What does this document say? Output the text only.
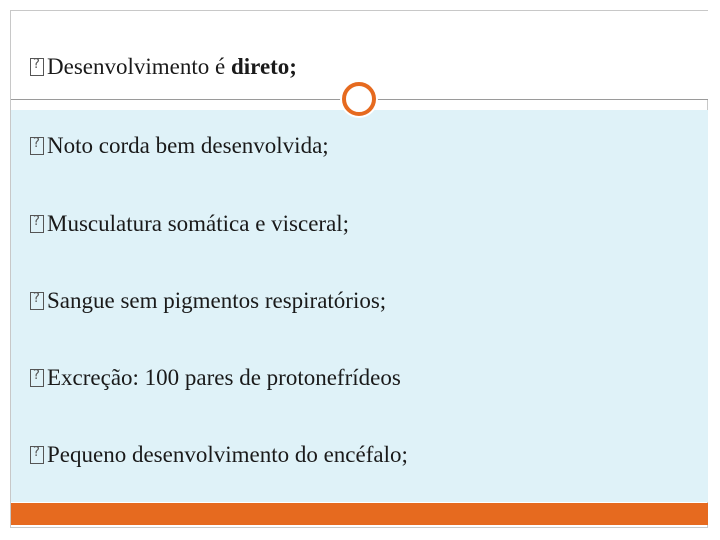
?Desenvolvimento é direto;
?Noto corda bem desenvolvida;
?Musculatura somática e visceral;
?Sangue sem pigmentos respiratórios;
?Excreção: 100 pares de protonefrídeos
?Pequeno desenvolvimento do encéfalo;
